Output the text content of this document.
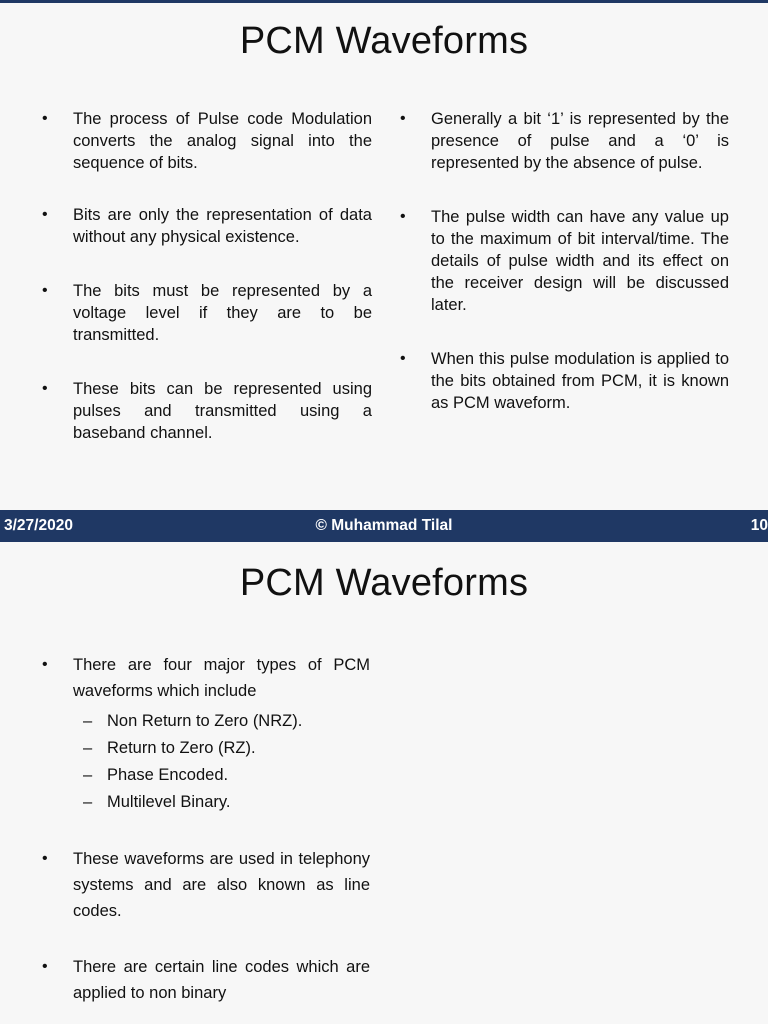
PCM Waveforms
• The process of Pulse code Modulation converts the analog signal into the sequence of bits.
• Bits are only the representation of data without any physical existence.
• The bits must be represented by a voltage level if they are to be transmitted.
• These bits can be represented using pulses and transmitted using a baseband channel.
• Generally a bit ‘1’ is represented by the presence of pulse and a ‘0’ is represented by the absence of pulse.
• The pulse width can have any value up to the maximum of bit interval/time. The details of pulse width and its effect on the receiver design will be discussed later.
• When this pulse modulation is applied to the bits obtained from PCM, it is known as PCM waveform.
© Muhammad Tilal
3/27/2020	10
PCM Waveforms
• There are four major types of PCM waveforms which include
– Non Return to Zero (NRZ).
– Return to Zero (RZ).
– Phase Encoded.
– Multilevel Binary.
• These waveforms are used in telephony systems and are also known as line codes.
• There are certain line codes which are applied to non binary
